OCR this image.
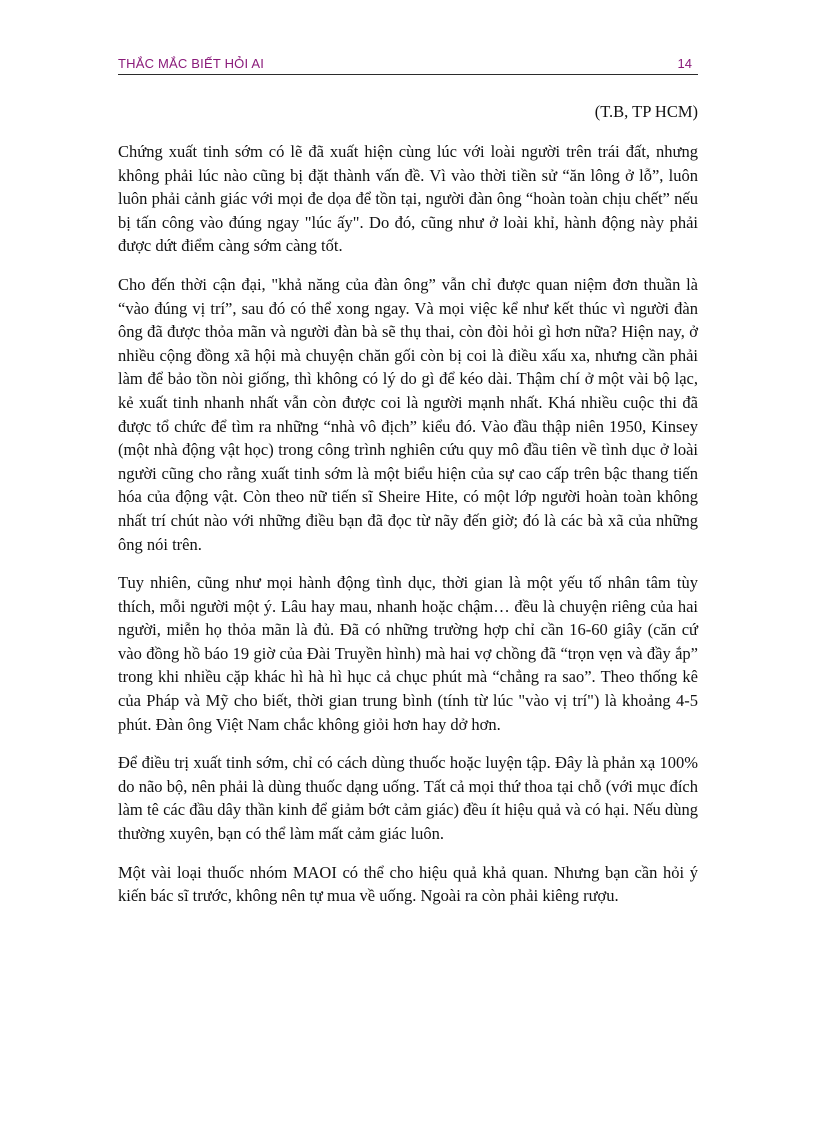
THẮC MẮC BIẾT HỎI AI	14
(T.B, TP HCM)

Chứng xuất tinh sớm có lẽ đã xuất hiện cùng lúc với loài người trên trái đất, nhưng không phải lúc nào cũng bị đặt thành vấn đề. Vì vào thời tiền sử “ăn lông ở lỗ”, luôn luôn phải cảnh giác với mọi đe dọa để tồn tại, người đàn ông “hoàn toàn chịu chết” nếu bị tấn công vào đúng ngay "lúc ấy". Do đó, cũng như ở loài khỉ, hành động này phải được dứt điểm càng sớm càng tốt.

Cho đến thời cận đại, "khả năng của đàn ông” vẫn chỉ được quan niệm đơn thuần là “vào đúng vị trí”, sau đó có thể xong ngay. Và mọi việc kể như kết thúc vì người đàn ông đã được thỏa mãn và người đàn bà sẽ thụ thai, còn đòi hỏi gì hơn nữa? Hiện nay, ở nhiều cộng đồng xã hội mà chuyện chăn gối còn bị coi là điều xấu xa, nhưng cần phải làm để bảo tồn nòi giống, thì không có lý do gì để kéo dài. Thậm chí ở một vài bộ lạc, kẻ xuất tinh nhanh nhất vẫn còn được coi là người mạnh nhất. Khá nhiều cuộc thi đã được tổ chức để tìm ra những “nhà vô địch” kiểu đó. Vào đầu thập niên 1950, Kinsey (một nhà động vật học) trong công trình nghiên cứu quy mô đầu tiên về tình dục ở loài người cũng cho rằng xuất tinh sớm là một biểu hiện của sự cao cấp trên bậc thang tiến hóa của động vật. Còn theo nữ tiến sĩ Sheire Hite, có một lớp người hoàn toàn không nhất trí chút nào với những điều bạn đã đọc từ nãy đến giờ; đó là các bà xã của những ông nói trên.

Tuy nhiên, cũng như mọi hành động tình dục, thời gian là một yếu tố nhân tâm tùy thích, mỗi người một ý. Lâu hay mau, nhanh hoặc chậm… đều là chuyện riêng của hai người, miễn họ thỏa mãn là đủ. Đã có những trường hợp chỉ cần 16-60 giây (căn cứ vào đồng hồ báo 19 giờ của Đài Truyền hình) mà hai vợ chồng đã “trọn vẹn và đầy ắp” trong khi nhiều cặp khác hì hà hì hục cả chục phút mà “chẳng ra sao”. Theo thống kê của Pháp và Mỹ cho biết, thời gian trung bình (tính từ lúc "vào vị trí") là khoảng 4-5 phút. Đàn ông Việt Nam chắc không giỏi hơn hay dở hơn.

Để điều trị xuất tinh sớm, chỉ có cách dùng thuốc hoặc luyện tập. Đây là phản xạ 100% do não bộ, nên phải là dùng thuốc dạng uống. Tất cả mọi thứ thoa tại chỗ (với mục đích làm tê các đầu dây thần kinh để giảm bớt cảm giác) đều ít hiệu quả và có hại. Nếu dùng thường xuyên, bạn có thể làm mất cảm giác luôn.

Một vài loại thuốc nhóm MAOI có thể cho hiệu quả khả quan. Nhưng bạn cần hỏi ý kiến bác sĩ trước, không nên tự mua về uống. Ngoài ra còn phải kiêng rượu.
